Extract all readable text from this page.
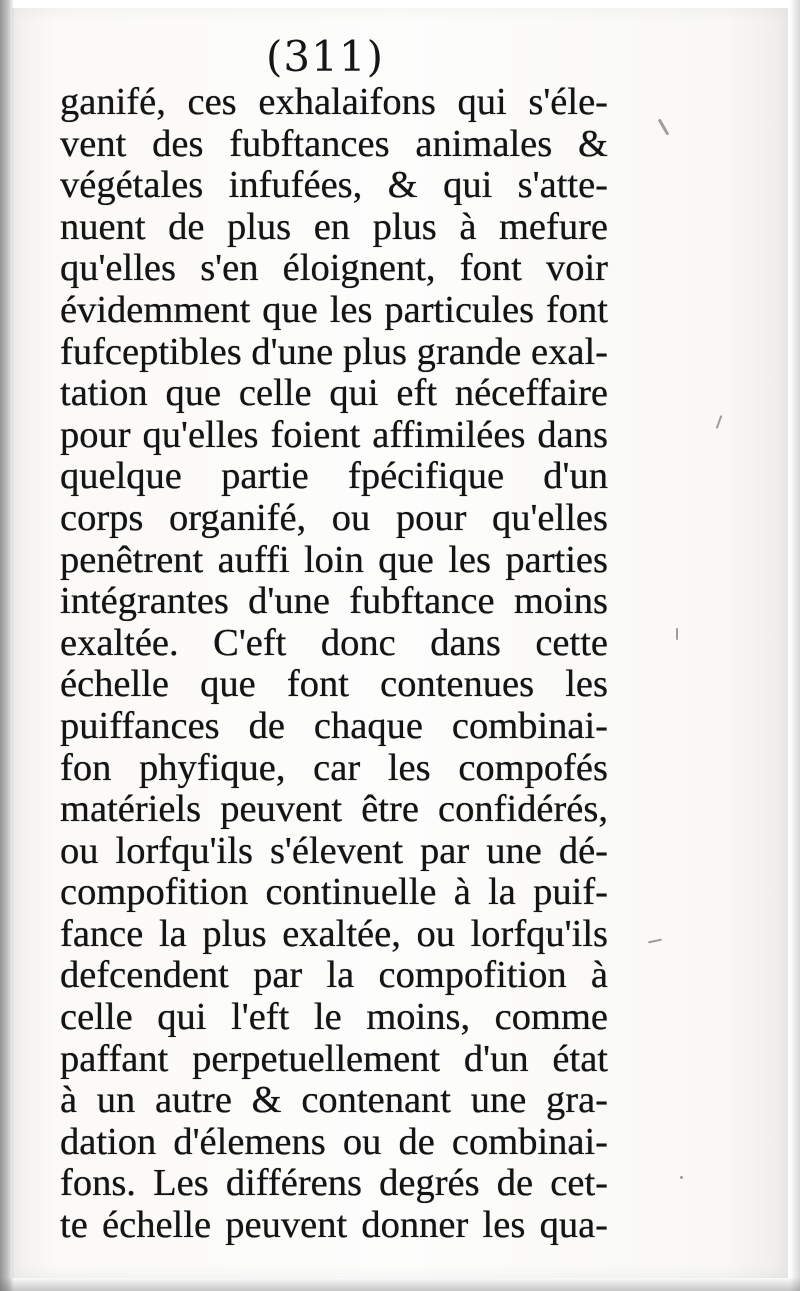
(311)
ganifé, ces exhalaifons qui s'éle-
vent des fubftances animales &
végétales infufées, & qui s'atte-
nuent de plus en plus à mefure
qu'elles s'en éloignent, font voir
évidemment que les particules font
fufceptibles d'une plus grande exal-
tation que celle qui eft néceffaire
pour qu'elles foient affimilées dans
quelque partie fpécifique d'un
corps organifé, ou pour qu'elles
penêtrent auffi loin que les parties
intégrantes d'une fubftance moins
exaltée. C'eft donc dans cette
échelle que font contenues les
puiffances de chaque combinai-
fon phyfique, car les compofés
matériels peuvent être confidérés,
ou lorfqu'ils s'élevent par une dé-
compofition continuelle à la puif-
fance la plus exaltée, ou lorfqu'ils
defcendent par la compofition à
celle qui l'eft le moins, comme
paffant perpetuellement d'un état
à un autre & contenant une gra-
dation d'élemens ou de combinai-
fons. Les différens degrés de cet-
te échelle peuvent donner les qua-
